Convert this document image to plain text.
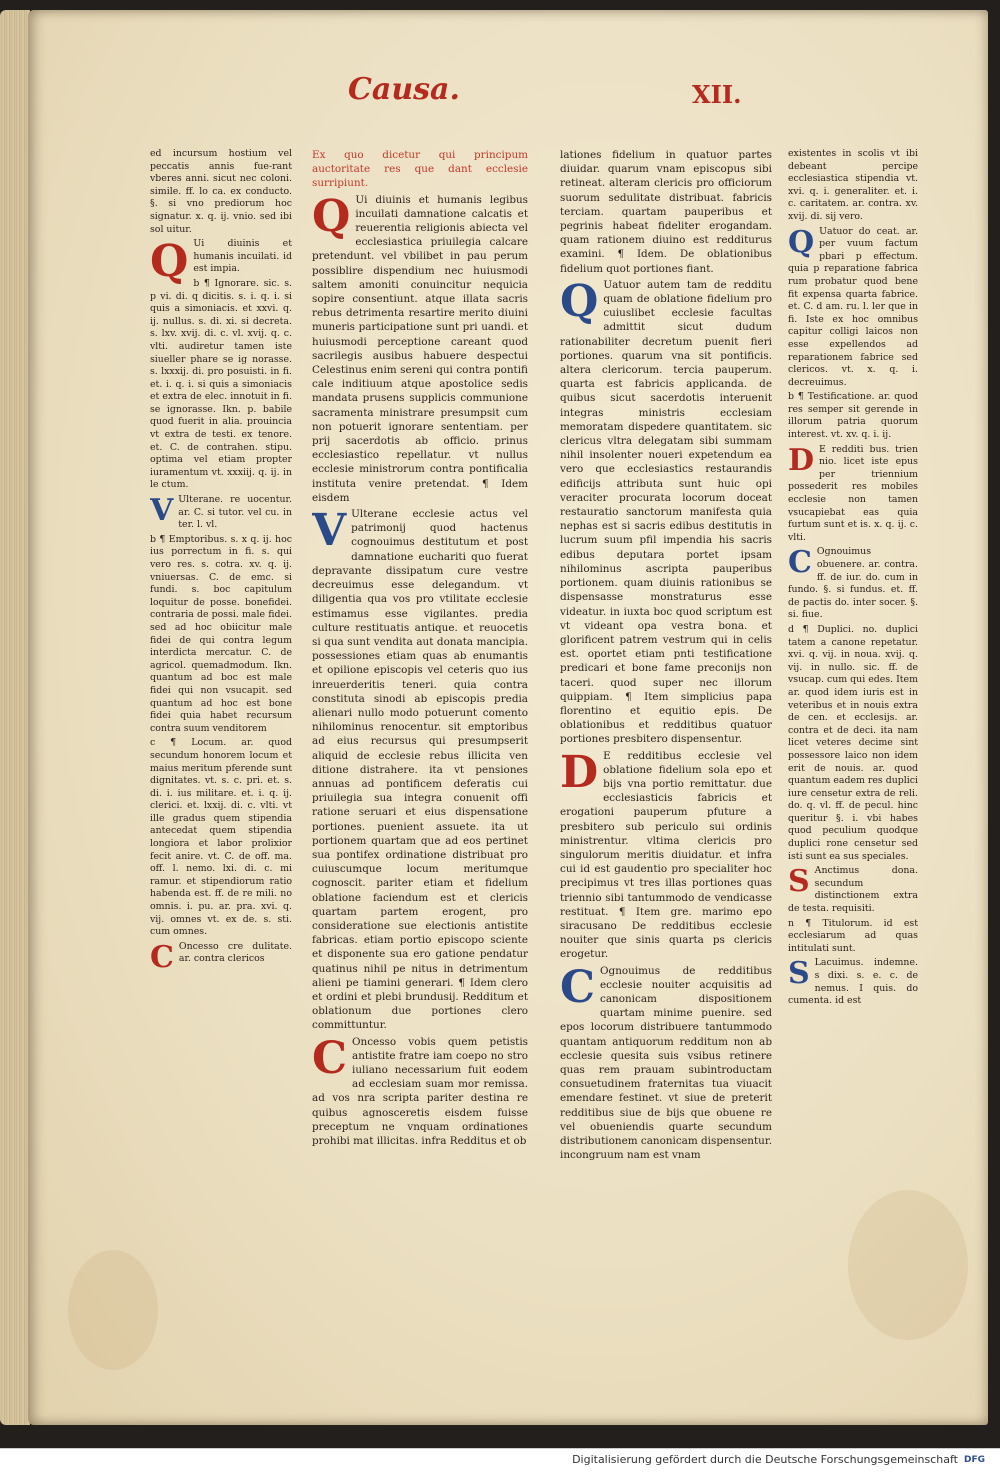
Causa.	XII.

ed incursum hostium vel peccatis annis fue-rant vberes anni. sicut nec coloni. simile. ff. lo ca. ex conducto. §. si vno prediorum hoc signatur. x. q. ij. vnio. sed ibi sol uitur.

Q Ui diuinis et humanis incuilati. id est impia.

b ¶ Ignorare. sic. s. p vi. di. q dicitis. s. i. q. i. si quis a simoniacis. et xxvi. q. ij. nullus. s. di. xi. si decreta. s. lxv. xvij. di. c. vl. xvij. q. c. vlti. audiretur tamen iste siueller phare se ig norasse. s. lxxxij. di. pro posuisti. in fi. et. i. q. i. si quis a simoniacis et extra de elec. innotuit in fi. se ignorasse. Ikn. p. babile quod fuerit in alia. prouincia vt extra de testi. ex tenore. et. C. de contrahen. stipu. optima vel etiam propter iuramentum vt. xxxiij. q. ij. in le ctum.

V Ulterane. re uocentur. ar. C. si tutor. vel cu. in ter. l. vl.

b ¶ Emptoribus. s. x q. ij. hoc ius porrectum in fi. s. qui vero res. s. cotra. xv. q. ij. vniuersas. C. de emc. si fundi. s. boc capitulum loquitur de posse. bonefidei. contraria de possi. male fidei. sed ad hoc obiicitur male fidei de qui contra legum interdicta mercatur. C. de agricol. quemadmodum. Ikn. quantum ad boc est male fidei qui non vsucapit. sed quantum ad hoc est bone fidei quia habet recursum contra suum venditorem

c ¶ Locum. ar. quod secundum honorem locum et maius meritum pferende sunt dignitates. vt. s. c. pri. et. s. di. i. ius militare. et. i. q. ij. clerici. et. lxxij. di. c. vlti. vt ille gradus quem stipendia antecedat quem stipendia longiora et labor prolixior fecit anire. vt. C. de off. ma. off. l. nemo. lxi. di. c. mi ramur. et stipendiorum ratio habenda est. ff. de re mili. no omnis. i. pu. ar. pra. xvi. q. vij. omnes vt. ex de. s. sti. cum omnes.

C Oncesso cre dulitate. ar. contra clericos

Ex quo dicetur qui principum auctoritate res que dant ecclesie surripiunt.

Q Ui diuinis et humanis legibus incuilati damnatione calcatis et reuerentia religionis abiecta vel ecclesiastica priuilegia calcare pretendunt. vel vbilibet in pau perum possiblire dispendium nec huiusmodi saltem amoniti conuincitur nequicia sopire consentiunt. atque illata sacris rebus detrimenta resartire merito diuini muneris participatione sunt pri uandi. et huiusmodi perceptione careant quod sacrilegis ausibus habuere despectui Celestinus enim sereni qui contra pontifi cale inditiuum atque apostolice sedis mandata prusens supplicis communione sacramenta ministrare presumpsit cum non potuerit ignorare sententiam. per prij sacerdotis ab officio. prinus ecclesiastico repellatur. vt nullus ecclesie ministrorum contra pontificalia instituta venire pretendat. ¶ Idem eisdem

V Ulterane ecclesie actus vel patrimonij quod hactenus cognouimus destitutum et post damnatione euchariti quo fuerat depravante dissipatum cure vestre decreuimus esse delegandum. vt diligentia qua vos pro vtilitate ecclesie estimamus esse vigilantes. predia culture restituatis antique. et reuocetis si qua sunt vendita aut donata mancipia. possessiones etiam quas ab enumantis et opilione episcopis vel ceteris quo ius inreuerderitis teneri. quia contra constituta sinodi ab episcopis predia alienari nullo modo potuerunt comento nihilominus renocentur. sit emptoribus ad eius recursus qui presumpserit aliquid de ecclesie rebus illicita ven ditione distrahere. ita vt pensiones annuas ad pontificem deferatis cui priuilegia sua integra conuenit offi ratione seruari et eius dispensatione portiones. puenient assuete. ita ut portionem quartam que ad eos pertinet sua pontifex ordinatione distribuat pro cuiuscumque locum meritumque cognoscit. pariter etiam et fidelium oblatione faciendum est et clericis quartam partem erogent, pro consideratione sue electionis antistite fabricas. etiam portio episcopo sciente et disponente sua ero gatione pendatur quatinus nihil pe nitus in detrimentum alieni pe tiamini generari. ¶ Idem clero et ordini et plebi brundusij. Redditum et oblationum due portiones clero committuntur.

C Oncesso vobis quem petistis antistite fratre iam coepo no stro iuliano necessarium fuit eodem ad ecclesiam suam mor remissa. ad vos nra scripta pariter destina re quibus agnosceretis eisdem fuisse preceptum ne vnquam ordinationes prohibi mat illicitas. infra Redditus et ob

lationes fidelium in quatuor partes diuidar. quarum vnam episcopus sibi retineat. alteram clericis pro officiorum suorum sedulitate distribuat. fabricis terciam. quartam pauperibus et pegrinis habeat fideliter erogandam. quam rationem diuino est redditurus examini. ¶ Idem. De oblationibus fidelium quot portiones fiant.

Q Uatuor autem tam de redditu quam de oblatione fidelium pro cuiuslibet ecclesie facultas admittit sicut dudum rationabiliter decretum puenit fieri portiones. quarum vna sit pontificis. altera clericorum. tercia pauperum. quarta est fabricis applicanda. de quibus sicut sacerdotis interuenit integras ministris ecclesiam memoratam dispedere quantitatem. sic clericus vltra delegatam sibi summam nihil insolenter noueri expetendum ea vero que ecclesiastics restaurandis edificijs attributa sunt huic opi veraciter procurata locorum doceat restauratio sanctorum manifesta quia nephas est si sacris edibus destitutis in lucrum suum pfil impendia his sacris edibus deputara portet ipsam nihilominus ascripta pauperibus portionem. quam diuinis rationibus se dispensasse monstraturus esse videatur. in iuxta boc quod scriptum est vt videant opa vestra bona. et glorificent patrem vestrum qui in celis est. oportet etiam pnti testificatione predicari et bone fame preconijs non taceri. quod super nec illorum quippiam. ¶ Item simplicius papa florentino et equitio epis. De oblationibus et redditibus quatuor portiones presbitero dispensentur.

D E redditibus ecclesie vel oblatione fidelium sola epo et bijs vna portio remittatur. due ecclesiasticis fabricis et erogationi pauperum pfuture a presbitero sub periculo sui ordinis ministrentur. vltima clericis pro singulorum meritis diuidatur. et infra cui id est gaudentio pro specialiter hoc precipimus vt tres illas portiones quas triennio sibi tantummodo de vendicasse restituat. ¶ Item gre. marimo epo siracusano De redditibus ecclesie nouiter que sinis quarta ps clericis erogetur.

C Ognouimus de redditibus ecclesie nouiter acquisitis ad canonicam dispositionem quartam minime puenire. sed epos locorum distribuere tantummodo quantam antiquorum redditum non ab ecclesie quesita suis vsibus retinere quas rem prauam subintroductam consuetudinem fraternitas tua viuacit emendare festinet. vt siue de preterit redditibus siue de bijs que obuene re vel obueniendis quarte secundum distributionem canonicam dispensentur. incongruum nam est vnam

existentes in scolis vt ibi debeant percipe ecclesiastica stipendia vt. xvi. q. i. generaliter. et. i. c. caritatem. ar. contra. xv. xvij. di. sij vero.

Q Uatuor do ceat. ar. per vuum factum pbari p effectum. quia p reparatione fabrica rum probatur quod bene fit expensa quarta fabrice. et. C. d am. ru. l. ler que in fi. Iste ex hoc omnibus capitur colligi laicos non esse expellendos ad reparationem fabrice sed clericos. vt. x. q. i. decreuimus.

b ¶ Testificatione. ar. quod res semper sit gerende in illorum patria quorum interest. vt. xv. q. i. ij.

D E redditi bus. trien nio. licet iste epus per triennium possederit res mobiles ecclesie non tamen vsucapiebat eas quia furtum sunt et is. x. q. ij. c. vlti.

C Ognouimus obuenere. ar. contra. ff. de iur. do. cum in fundo. §. si fundus. et. ff. de pactis do. inter socer. §. si. fiue.

d ¶ Duplici. no. duplici tatem a canone repetatur. xvi. q. vij. in noua. xvij. q. vij. in nullo. sic. ff. de vsucap. cum qui edes. Item ar. quod idem iuris est in veteribus et in nouis extra de cen. et ecclesijs. ar. contra et de deci. ita nam licet veteres decime sint possessore laico non idem erit de nouis. ar. quod quantum eadem res duplici iure censetur extra de reli. do. q. vl. ff. de pecul. hinc queritur §. i. vbi habes quod peculium quodque duplici rone censetur sed isti sunt ea sus speciales.

S Anctimus dona. secundum distinctionem extra de testa. requisiti.

n ¶ Titulorum. id est ecclesiarum ad quas intitulati sunt.

S Lacuimus. indemne. s dixi. s. e. c. de nemus. I quis. do cumenta. id est

Digitalisierung gefördert durch die Deutsche Forschungsgemeinschaft DFG
